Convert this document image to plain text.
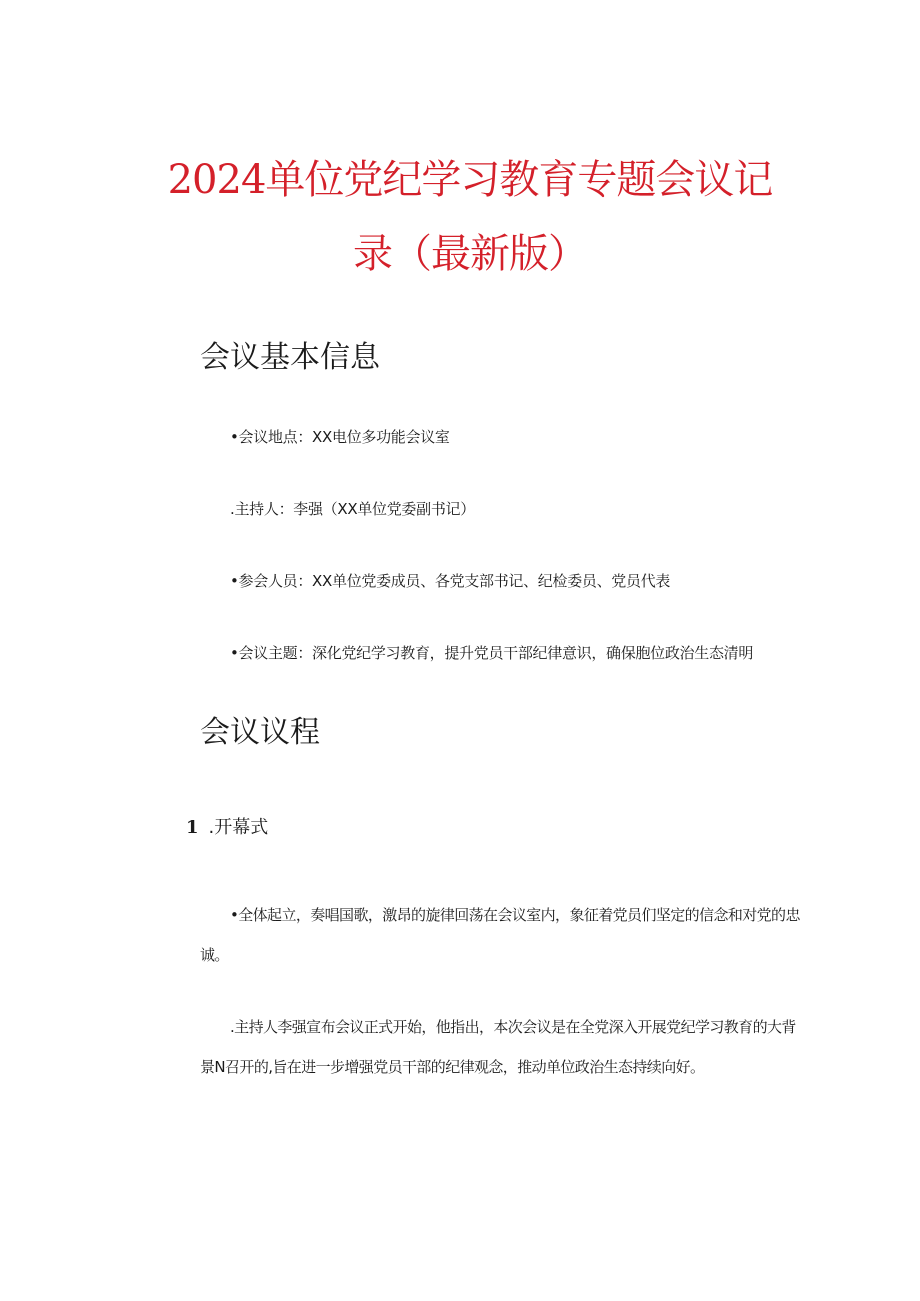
2024单位党纪学习教育专题会议记
录（最新版）
会议基本信息
•会议地点：XX电位多功能会议室
.主持人：李强（XX单位党委副书记）
•参会人员：XX单位党委成员、各党支部书记、纪检委员、党员代表
•会议主题：深化党纪学习教育，提升党员干部纪律意识，确保胞位政治生态清明
会议议程
1 .开幕式

•全体起立，奏唱国歌，激昂的旋律回荡在会议室内，象征着党员们坚定的信念和对党的忠诚。

.主持人李强宣布会议正式开始，他指出，本次会议是在全党深入开展党纪学习教育的大背景N召开的,旨在进一步增强党员干部的纪律观念，推动单位政治生态持续向好。
